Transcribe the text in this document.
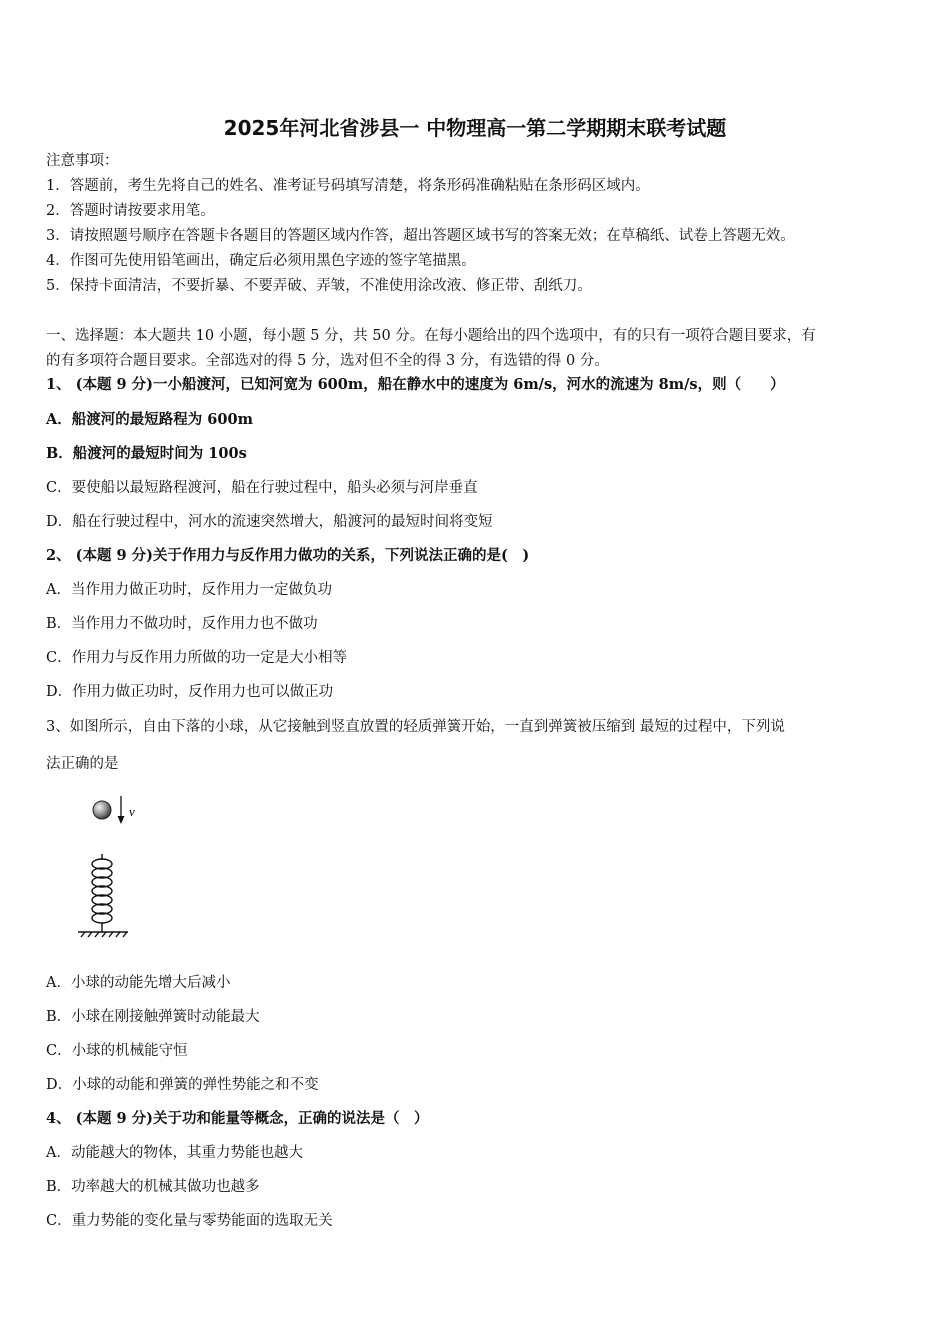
2025年河北省涉县一 中物理高一第二学期期末联考试题
注意事项：
1．答题前，考生先将自己的姓名、准考证号码填写清楚，将条形码准确粘贴在条形码区域内。
2．答题时请按要求用笔。
3．请按照题号顺序在答题卡各题目的答题区域内作答，超出答题区域书写的答案无效；在草稿纸、试卷上答题无效。
4．作图可先使用铅笔画出，确定后必须用黑色字迹的签字笔描黑。
5．保持卡面清洁，不要折暴、不要弄破、弄皱，不准使用涂改液、修正带、刮纸刀。
一、选择题：本大题共 10 小题，每小题 5 分，共 50 分。在每小题给出的四个选项中，有的只有一项符合题目要求，有
的有多项符合题目要求。全部选对的得 5 分，选对但不全的得 3 分，有选错的得 0 分。
1、 (本题 9 分)一小船渡河，已知河宽为 600m，船在静水中的速度为 6m/s，河水的流速为 8m/s，则（　　）
A．船渡河的最短路程为 600m
B．船渡河的最短时间为 100s
C．要使船以最短路程渡河，船在行驶过程中，船头必须与河岸垂直
D．船在行驶过程中，河水的流速突然增大，船渡河的最短时间将变短
2、 (本题 9 分)关于作用力与反作用力做功的关系，下列说法正确的是(　)
A．当作用力做正功时，反作用力一定做负功
B．当作用力不做功时，反作用力也不做功
C．作用力与反作用力所做的功一定是大小相等
D．作用力做正功时，反作用力也可以做正功
3、如图所示，自由下落的小球，从它接触到竖直放置的轻质弹簧开始，一直到弹簧被压缩到 最短的过程中，下列说
法正确的是
v
A．小球的动能先增大后减小
B．小球在刚接触弹簧时动能最大
C．小球的机械能守恒
D．小球的动能和弹簧的弹性势能之和不变
4、 (本题 9 分)关于功和能量等概念，正确的说法是（　）
A．动能越大的物体，其重力势能也越大
B．功率越大的机械其做功也越多
C．重力势能的变化量与零势能面的选取无关
